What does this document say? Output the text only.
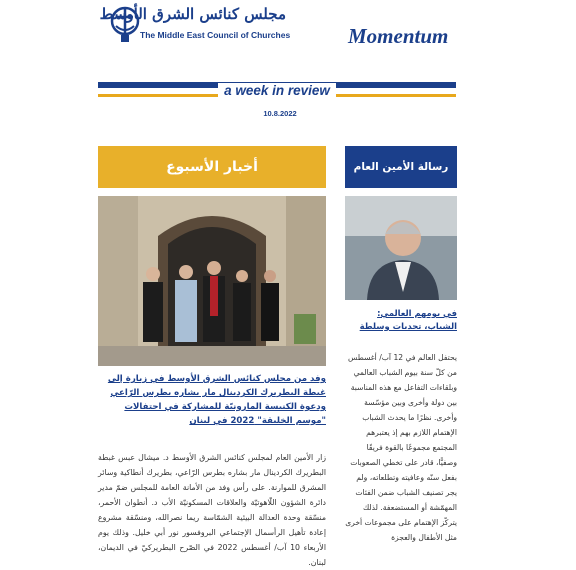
مجلس كنائس الشرق الأوسط
The Middle East Council of Churches	Momentum
a week in review
10.8.2022
أخبار الأسبوع	رسالة الأمين العام
وفد من مجلس كنائس الشرق الأوسط في زيارة إلى غبطة البطريرك الكردينال مار بشاره بطرس الرّاعي ودعوة الكنيسة المارونيّة للمشاركة في احتفالات "موسم الخليقة" 2022 في لبنان
زار الأمين العام لمجلس كنائس الشرق الأوسط د. ميشال عبس غبطة البطريرك الكردينال مار بشاره بطرس الرّاعي، بطريرك أنطاكية وسائر المشرق للموارنة. على رأس وفد من الأمانة العامة للمجلس ضمّ مدير دائرة الشؤون اللّاهوتيّة والعلاقات المسكونيّة الأب د. أنطوان الأحمر، منسّقة وحدة العدالة البيئية الشمّاسة ريما نصرالله، ومنسّقة مشروع إعادة تأهيل الرأسمال الإجتماعي البروفسور نور أبي خليل. وذلك يوم الأربعاء 10 آب/ أغسطس 2022 في الصّرح البطريركيّ في الديمان، لبنان.
في يومهم العالمي: الشباب، تحديات وسلطة
يحتفل العالم في 12 آب/ أغسطس من كلّ سنة بيوم الشباب العالمي وبلقاءات التفاعل مع هذه المناسبة بين دولة وأخرى وبين مؤسّسة وأخرى. نظرًا ما يحدث الشباب الإهتمام اللازم بهم إذ يعتبرهم المجتمع مجموعًا بالقوة فريقًا وصفيًّا، قادر على تخطي الصعوبات بفعل سنّه وعافيته وتطلعاته، ولم يجر تصنيف الشباب ضمن الفئات المهمّشة أو المستضعفة. لذلك يتركّز الإهتمام على مجموعات أخرى مثل الأطفال والعجزة
